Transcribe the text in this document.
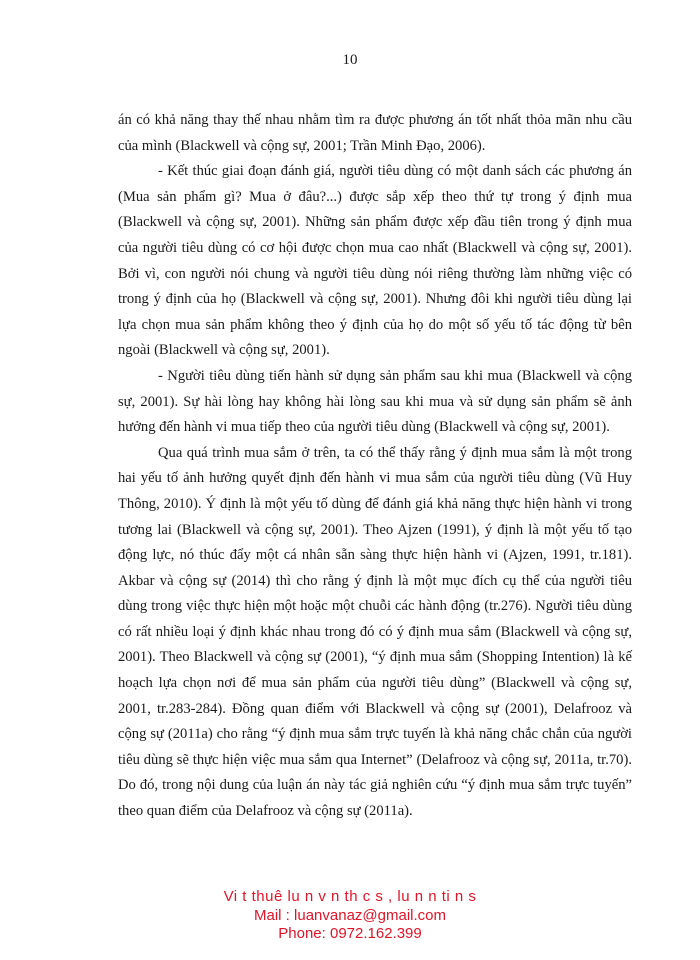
10

án có khả năng thay thế nhau nhằm tìm ra được phương án tốt nhất thỏa mãn nhu cầu của mình (Blackwell và cộng sự, 2001; Trần Minh Đạo, 2006).

- Kết thúc giai đoạn đánh giá, người tiêu dùng có một danh sách các phương án (Mua sản phẩm gì? Mua ở đâu?...) được sắp xếp theo thứ tự trong ý định mua (Blackwell và cộng sự, 2001). Những sản phẩm được xếp đầu tiên trong ý định mua của người tiêu dùng có cơ hội được chọn mua cao nhất (Blackwell và cộng sự, 2001). Bởi vì, con người nói chung và người tiêu dùng nói riêng thường làm những việc có trong ý định của họ (Blackwell và cộng sự, 2001). Nhưng đôi khi người tiêu dùng lại lựa chọn mua sản phẩm không theo ý định của họ do một số yếu tố tác động từ bên ngoài (Blackwell và cộng sự, 2001).

- Người tiêu dùng tiến hành sử dụng sản phẩm sau khi mua (Blackwell và cộng sự, 2001). Sự hài lòng hay không hài lòng sau khi mua và sử dụng sản phẩm sẽ ảnh hưởng đến hành vi mua tiếp theo của người tiêu dùng (Blackwell và cộng sự, 2001).

Qua quá trình mua sắm ở trên, ta có thể thấy rằng ý định mua sắm là một trong hai yếu tố ảnh hưởng quyết định đến hành vi mua sắm của người tiêu dùng (Vũ Huy Thông, 2010). Ý định là một yếu tố dùng để đánh giá khả năng thực hiện hành vi trong tương lai (Blackwell và cộng sự, 2001). Theo Ajzen (1991), ý định là một yếu tố tạo động lực, nó thúc đẩy một cá nhân sẵn sàng thực hiện hành vi (Ajzen, 1991, tr.181). Akbar và cộng sự (2014) thì cho rằng ý định là một mục đích cụ thể của người tiêu dùng trong việc thực hiện một hoặc một chuỗi các hành động (tr.276). Người tiêu dùng có rất nhiều loại ý định khác nhau trong đó có ý định mua sắm (Blackwell và cộng sự, 2001). Theo Blackwell và cộng sự (2001), “ý định mua sắm (Shopping Intention) là kế hoạch lựa chọn nơi để mua sản phẩm của người tiêu dùng” (Blackwell và cộng sự, 2001, tr.283-284). Đồng quan điểm với Blackwell và cộng sự (2001), Delafrooz và cộng sự (2011a) cho rằng “ý định mua sắm trực tuyến là khả năng chắc chắn của người tiêu dùng sẽ thực hiện việc mua sắm qua Internet” (Delafrooz và cộng sự, 2011a, tr.70). Do đó, trong nội dung của luận án này tác giả nghiên cứu “ý định mua sắm trực tuyến” theo quan điểm của Delafrooz và cộng sự (2011a).

Vi t thuê lu n v n th c s , lu n n ti n s
Mail : luanvanaz@gmail.com
Phone: 0972.162.399
